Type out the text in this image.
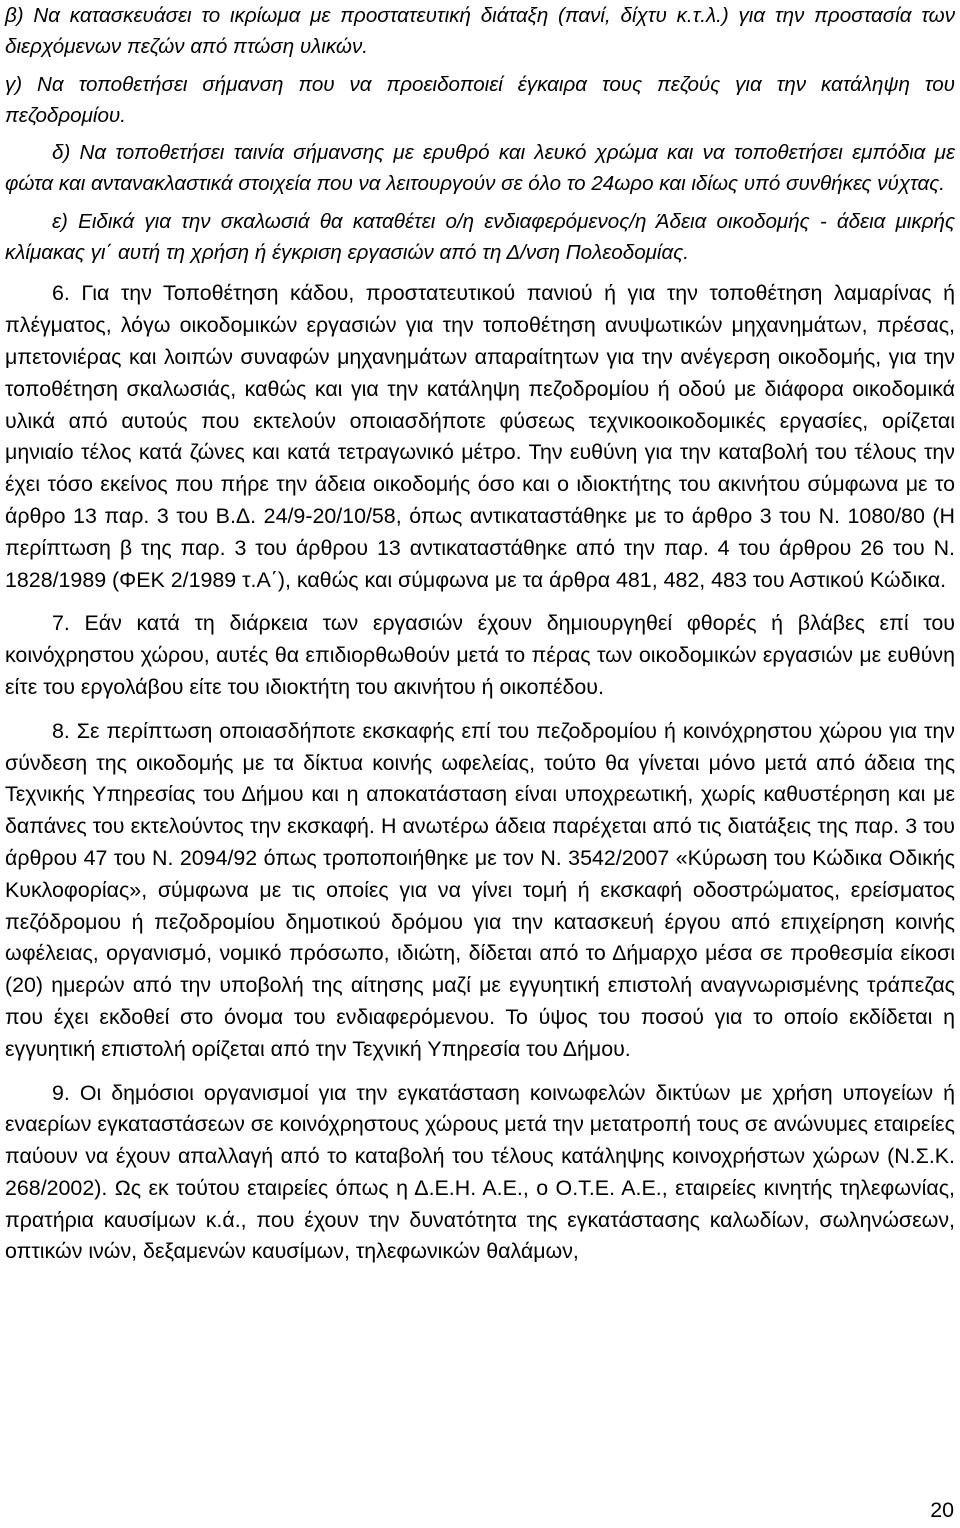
β) Να κατασκευάσει το ικρίωμα με προστατευτική διάταξη (πανί, δίχτυ κ.τ.λ.) για την προστασία των διερχόμενων πεζών από πτώση υλικών.

γ) Να τοποθετήσει σήμανση που να προειδοποιεί έγκαιρα τους πεζούς για την κατάληψη του πεζοδρομίου.

δ) Να τοποθετήσει ταινία σήμανσης με ερυθρό και λευκό χρώμα και να τοποθετήσει εμπόδια με φώτα και αντανακλαστικά στοιχεία που να λειτουργούν σε όλο το 24ωρο και ιδίως υπό συνθήκες νύχτας.

ε) Ειδικά για την σκαλωσιά θα καταθέτει ο/η ενδιαφερόμενος/η Άδεια οικοδομής - άδεια μικρής κλίμακας γι΄ αυτή τη χρήση ή έγκριση εργασιών από τη Δ/νση Πολεοδομίας.

6. Για την Τοποθέτηση κάδου, προστατευτικού πανιού ή για την τοποθέτηση λαμαρίνας ή πλέγματος, λόγω οικοδομικών εργασιών για την τοποθέτηση ανυψωτικών μηχανημάτων, πρέσας, μπετονιέρας και λοιπών συναφών μηχανημάτων απαραίτητων για την ανέγερση οικοδομής, για την τοποθέτηση σκαλωσιάς, καθώς και για την κατάληψη πεζοδρομίου ή οδού με διάφορα οικοδομικά υλικά από αυτούς που εκτελούν οποιασδήποτε φύσεως τεχνικοοικοδομικές εργασίες, ορίζεται μηνιαίο τέλος κατά ζώνες και κατά τετραγωνικό μέτρο. Την ευθύνη για την καταβολή του τέλους την έχει τόσο εκείνος που πήρε την άδεια οικοδομής όσο και ο ιδιοκτήτης του ακινήτου σύμφωνα με το άρθρο 13 παρ. 3 του Β.Δ. 24/9-20/10/58, όπως αντικαταστάθηκε με το άρθρο 3 του Ν. 1080/80 (Η περίπτωση β της παρ. 3 του άρθρου 13 αντικαταστάθηκε από την παρ. 4 του άρθρου 26 του Ν. 1828/1989 (ΦΕΚ 2/1989 τ.Α΄), καθώς και σύμφωνα με τα άρθρα 481, 482, 483 του Αστικού Κώδικα.

7. Εάν κατά τη διάρκεια των εργασιών έχουν δημιουργηθεί φθορές ή βλάβες επί του κοινόχρηστου χώρου, αυτές θα επιδιορθωθούν μετά το πέρας των οικοδομικών εργασιών με ευθύνη είτε του εργολάβου είτε του ιδιοκτήτη του ακινήτου ή οικοπέδου.

8. Σε περίπτωση οποιασδήποτε εκσκαφής επί του πεζοδρομίου ή κοινόχρηστου χώρου για την σύνδεση της οικοδομής με τα δίκτυα κοινής ωφελείας, τούτο θα γίνεται μόνο μετά από άδεια της Τεχνικής Υπηρεσίας του Δήμου και η αποκατάσταση είναι υποχρεωτική, χωρίς καθυστέρηση και με δαπάνες του εκτελούντος την εκσκαφή. Η ανωτέρω άδεια παρέχεται από τις διατάξεις της παρ. 3 του άρθρου 47 του Ν. 2094/92 όπως τροποποιήθηκε με τον Ν. 3542/2007 «Κύρωση του Κώδικα Οδικής Κυκλοφορίας», σύμφωνα με τις οποίες για να γίνει τομή ή εκσκαφή οδοστρώματος, ερείσματος πεζόδρομου ή πεζοδρομίου δημοτικού δρόμου για την κατασκευή έργου από επιχείρηση κοινής ωφέλειας, οργανισμό, νομικό πρόσωπο, ιδιώτη, δίδεται από το Δήμαρχο μέσα σε προθεσμία είκοσι (20) ημερών από την υποβολή της αίτησης μαζί με εγγυητική επιστολή αναγνωρισμένης τράπεζας που έχει εκδοθεί στο όνομα του ενδιαφερόμενου. Το ύψος του ποσού για το οποίο εκδίδεται η εγγυητική επιστολή ορίζεται από την Τεχνική Υπηρεσία του Δήμου.

9. Οι δημόσιοι οργανισμοί για την εγκατάσταση κοινωφελών δικτύων με χρήση υπογείων ή εναερίων εγκαταστάσεων σε κοινόχρηστους χώρους μετά την μετατροπή τους σε ανώνυμες εταιρείες παύουν να έχουν απαλλαγή από το καταβολή του τέλους κατάληψης κοινοχρήστων χώρων (Ν.Σ.Κ. 268/2002). Ως εκ τούτου εταιρείες όπως η Δ.Ε.Η. Α.Ε., ο Ο.Τ.Ε. Α.Ε., εταιρείες κινητής τηλεφωνίας, πρατήρια καυσίμων κ.ά., που έχουν την δυνατότητα της εγκατάστασης καλωδίων, σωληνώσεων, οπτικών ινών, δεξαμενών καυσίμων, τηλεφωνικών θαλάμων,

20
